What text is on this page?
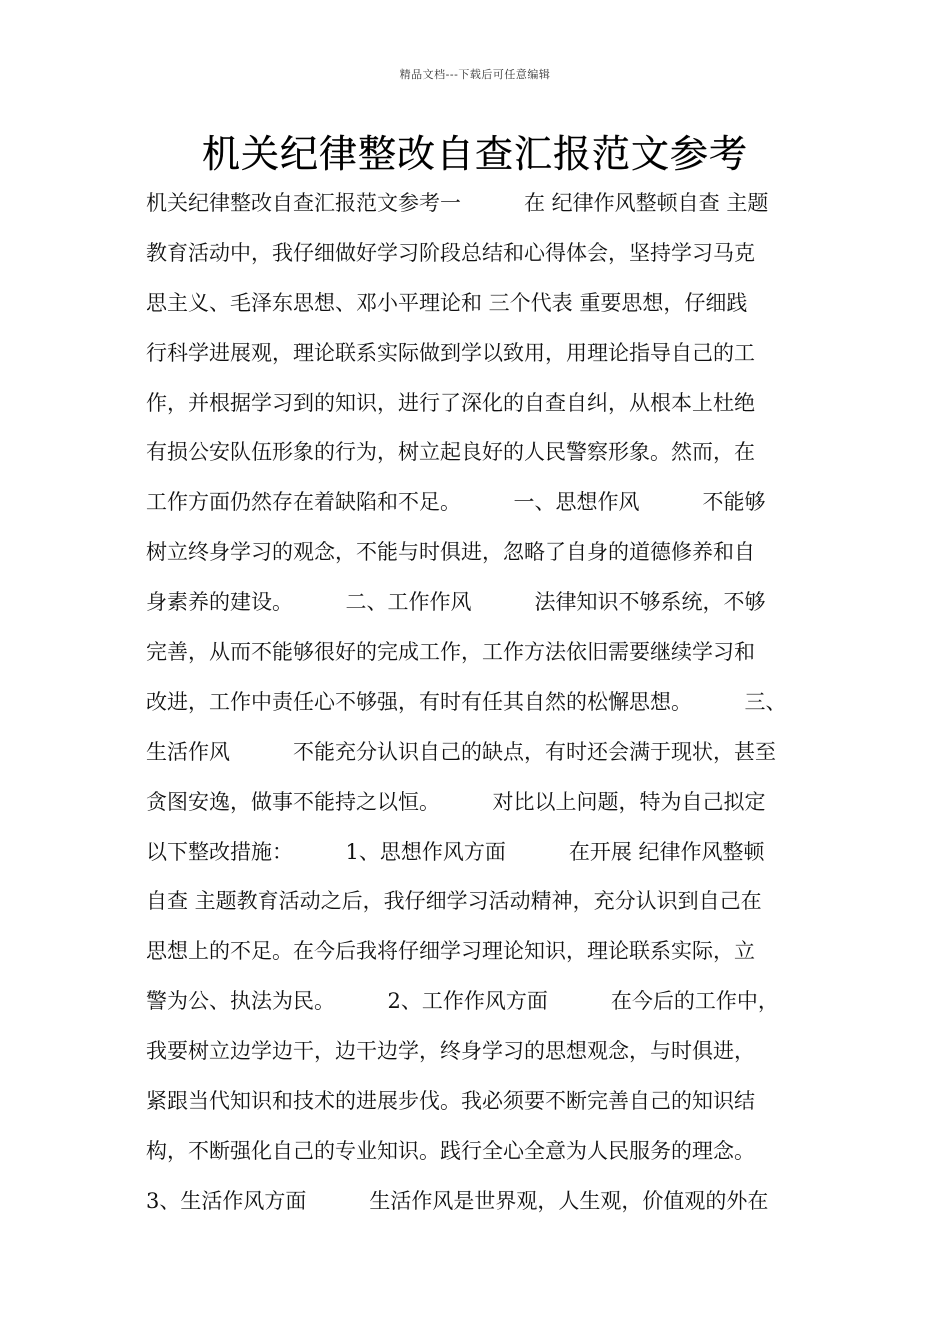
精品文档---下载后可任意编辑
机关纪律整改自查汇报范文参考
机关纪律整改自查汇报范文参考一　　　在 纪律作风整顿自查 主题
教育活动中，我仔细做好学习阶段总结和心得体会，坚持学习马克
思主义、毛泽东思想、邓小平理论和 三个代表 重要思想，仔细践
行科学进展观，理论联系实际做到学以致用，用理论指导自己的工
作，并根据学习到的知识，进行了深化的自查自纠，从根本上杜绝
有损公安队伍形象的行为，树立起良好的人民警察形象。然而，在
工作方面仍然存在着缺陷和不足。　　　一、思想作风　　　不能够
树立终身学习的观念，不能与时俱进，忽略了自身的道德修养和自
身素养的建设。　　　二、工作作风　　　法律知识不够系统，不够
完善，从而不能够很好的完成工作，工作方法依旧需要继续学习和
改进，工作中责任心不够强，有时有任其自然的松懈思想。　　　三、
生活作风　　　不能充分认识自己的缺点，有时还会满于现状，甚至
贪图安逸，做事不能持之以恒。　　　对比以上问题，特为自己拟定
以下整改措施：　　　1、思想作风方面　　　在开展 纪律作风整顿
自查 主题教育活动之后，我仔细学习活动精神，充分认识到自己在
思想上的不足。在今后我将仔细学习理论知识，理论联系实际，立
警为公、执法为民。　　　2、工作作风方面　　　在今后的工作中，
我要树立边学边干，边干边学，终身学习的思想观念，与时俱进，
紧跟当代知识和技术的进展步伐。我必须要不断完善自己的知识结
构，不断强化自己的专业知识。践行全心全意为人民服务的理念。
3、生活作风方面　　　生活作风是世界观，人生观，价值观的外在
